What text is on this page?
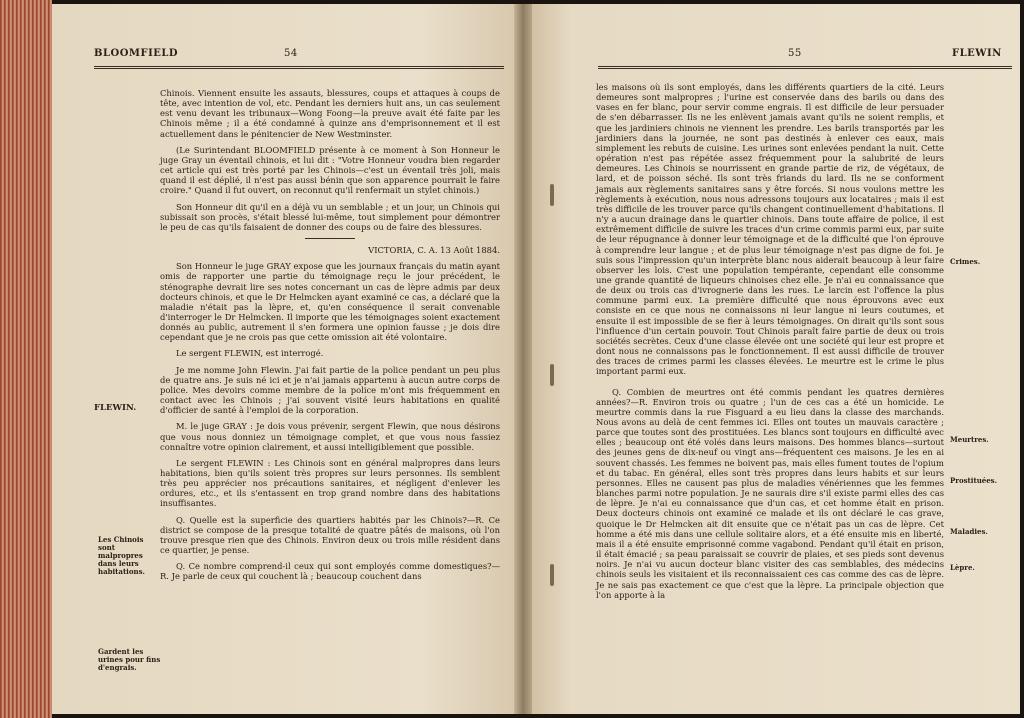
BLOOMFIELD	54

Chinois. Viennent ensuite les assauts, blessures, coups et attaques à coups de tête, avec intention de vol, etc. Pendant les derniers huit ans, un cas seulement est venu devant les tribunaux—Wong Foong—la preuve avait été faite par les Chinois même ; il a été condamné à quinze ans d'emprisonnement et il est actuellement dans le pénitencier de New Westminster.

(Le Surintendant BLOOMFIELD présente à ce moment à Son Honneur le juge Gray un éventail chinois, et lui dit : "Votre Honneur voudra bien regarder cet article qui est très porté par les Chinois—c'est un éventail très joli, mais quand il est déplié, il n'est pas aussi bénin que son apparence pourrait le faire croire." Quand il fut ouvert, on reconnut qu'il renfermait un stylet chinois.)

Son Honneur dit qu'il en a déjà vu un semblable ; et un jour, un Chinois qui subissait son procès, s'était blessé lui-même, tout simplement pour démontrer le peu de cas qu'ils faisaient de donner des coups ou de faire des blessures.

VICTORIA, C. A. 13 Août 1884.

Son Honneur le juge GRAY expose que les journaux français du matin ayant omis de rapporter une partie du témoignage reçu le jour précédent, le sténographe devrait lire ses notes concernant un cas de lèpre admis par deux docteurs chinois, et que le Dr Helmcken ayant examiné ce cas, a déclaré que la maladie n'était pas la lèpre, et, qu'en conséquence il serait convenable d'interroger le Dr Helmcken. Il importe que les témoignages soient exactement donnés au public, autrement il s'en formera une opinion fausse ; je dois dire cependant que je ne crois pas que cette omission ait été volontaire.

Le sergent FLEWIN, est interrogé.

Je me nomme John Flewin. J'ai fait partie de la police pendant un peu plus de quatre ans. Je suis né ici et je n'ai jamais appartenu à aucun autre corps de police. Mes devoirs comme membre de la police m'ont mis fréquemment en contact avec les Chinois ; j'ai souvent visité leurs habitations en qualité d'officier de santé à l'emploi de la corporation.

M. le juge GRAY : Je dois vous prévenir, sergent Flewin, que nous désirons que vous nous donniez un témoignage complet, et que vous nous fassiez connaître votre opinion clairement, et aussi intelligiblement que possible.

Le sergent FLEWIN : Les Chinois sont en général malpropres dans leurs habitations, bien qu'ils soient très propres sur leurs personnes. Ils semblent très peu apprécier nos précautions sanitaires, et négligent d'enlever les ordures, etc., et ils s'entassent en trop grand nombre dans des habitations insuffisantes.

Q. Quelle est la superficie des quartiers habités par les Chinois?—R. Ce district se compose de la presque totalité de quatre pâtés de maisons, où l'on trouve presque rien que des Chinois. Environ deux ou trois mille résident dans ce quartier, je pense.

Q. Ce nombre comprend-il ceux qui sont employés comme domestiques?—R. Je parle de ceux qui couchent là ; beaucoup couchent dans

FLEWIN.
Les Chinois sont malpropres dans leurs habitations.
Gardent les urines pour fins d'engrais.
55	FLEWIN

les maisons où ils sont employés, dans les différents quartiers de la cité. Leurs demeures sont malpropres ; l'urine est conservée dans des barils ou dans des vases en fer blanc, pour servir comme engrais. Il est difficile de leur persuader de s'en débarrasser. Ils ne les enlèvent jamais avant qu'ils ne soient remplis, et que les jardiniers chinois ne viennent les prendre. Les barils transportés par les jardiniers dans la journée, ne sont pas destinés à enlever ces eaux, mais simplement les rebuts de cuisine. Les urines sont enlevées pendant la nuit. Cette opération n'est pas répétée assez fréquemment pour la salubrité de leurs demeures. Les Chinois se nourrissent en grande partie de riz, de végétaux, de lard, et de poisson séché. Ils sont très friands du lard. Ils ne se conforment jamais aux règlements sanitaires sans y être forcés. Si nous voulons mettre les règlements à exécution, nous nous adressons toujours aux locataires ; mais il est très difficile de les trouver parce qu'ils changent continuellement d'habitations. Il n'y a aucun drainage dans le quartier chinois. Dans toute affaire de police, il est extrêmement difficile de suivre les traces d'un crime commis parmi eux, par suite de leur répugnance à donner leur témoignage et de la difficulté que l'on éprouve à comprendre leur langue ; et de plus leur témoignage n'est pas digne de foi. Je suis sous l'impression qu'un interprète blanc nous aiderait beaucoup à leur faire observer les lois. C'est une population tempérante, cependant elle consomme une grande quantité de liqueurs chinoises chez elle. Je n'ai eu connaissance que de deux ou trois cas d'ivrognerie dans les rues. Le larcin est l'offence la plus commune parmi eux. La première difficulté que nous éprouvons avec eux consiste en ce que nous ne connaissons ni leur langue ni leurs coutumes, et ensuite il est impossible de se fier à leurs témoignages. On dirait qu'ils sont sous l'influence d'un certain pouvoir. Tout Chinois paraît faire partie de deux ou trois sociétés secrètes. Ceux d'une classe élevée ont une société qui leur est propre et dont nous ne connaissons pas le fonctionnement. Il est aussi difficile de trouver des traces de crimes parmi les classes élevées. Le meurtre est le crime le plus important parmi eux.

Q. Combien de meurtres ont été commis pendant les quatres dernières années?—R. Environ trois ou quatre ; l'un de ces cas a été un homicide. Le meurtre commis dans la rue Fisguard a eu lieu dans la classe des marchands. Nous avons au delà de cent femmes ici. Elles ont toutes un mauvais caractère ; parce que toutes sont des prostituées. Les blancs sont toujours en difficulté avec elles ; beaucoup ont été volés dans leurs maisons. Des hommes blancs—surtout des jeunes gens de dix-neuf ou vingt ans—fréquentent ces maisons. Je les en ai souvent chassés. Les femmes ne boivent pas, mais elles fument toutes de l'opium et du tabac. En général, elles sont très propres dans leurs habits et sur leurs personnes. Elles ne causent pas plus de maladies vénériennes que les femmes blanches parmi notre population. Je ne saurais dire s'il existe parmi elles des cas de lèpre. Je n'ai eu connaissance que d'un cas, et cet homme était en prison. Deux docteurs chinois ont examiné ce malade et ils ont déclaré le cas grave, quoique le Dr Helmcken ait dit ensuite que ce n'était pas un cas de lèpre. Cet homme a été mis dans une cellule solitaire alors, et a été ensuite mis en liberté, mais il a été ensuite emprisonné comme vagabond. Pendant qu'il était en prison, il était émacié ; sa peau paraissait se couvrir de plaies, et ses pieds sont devenus noirs. Je n'ai vu aucun docteur blanc visiter des cas semblables, des médecins chinois seuls les visitaient et ils reconnaissaient ces cas comme des cas de lèpre. Je ne sais pas exactement ce que c'est que la lèpre. La principale objection que l'on apporte à la

Crimes.
Meurtres.
Prostituées.
Maladies.
Lèpre.
